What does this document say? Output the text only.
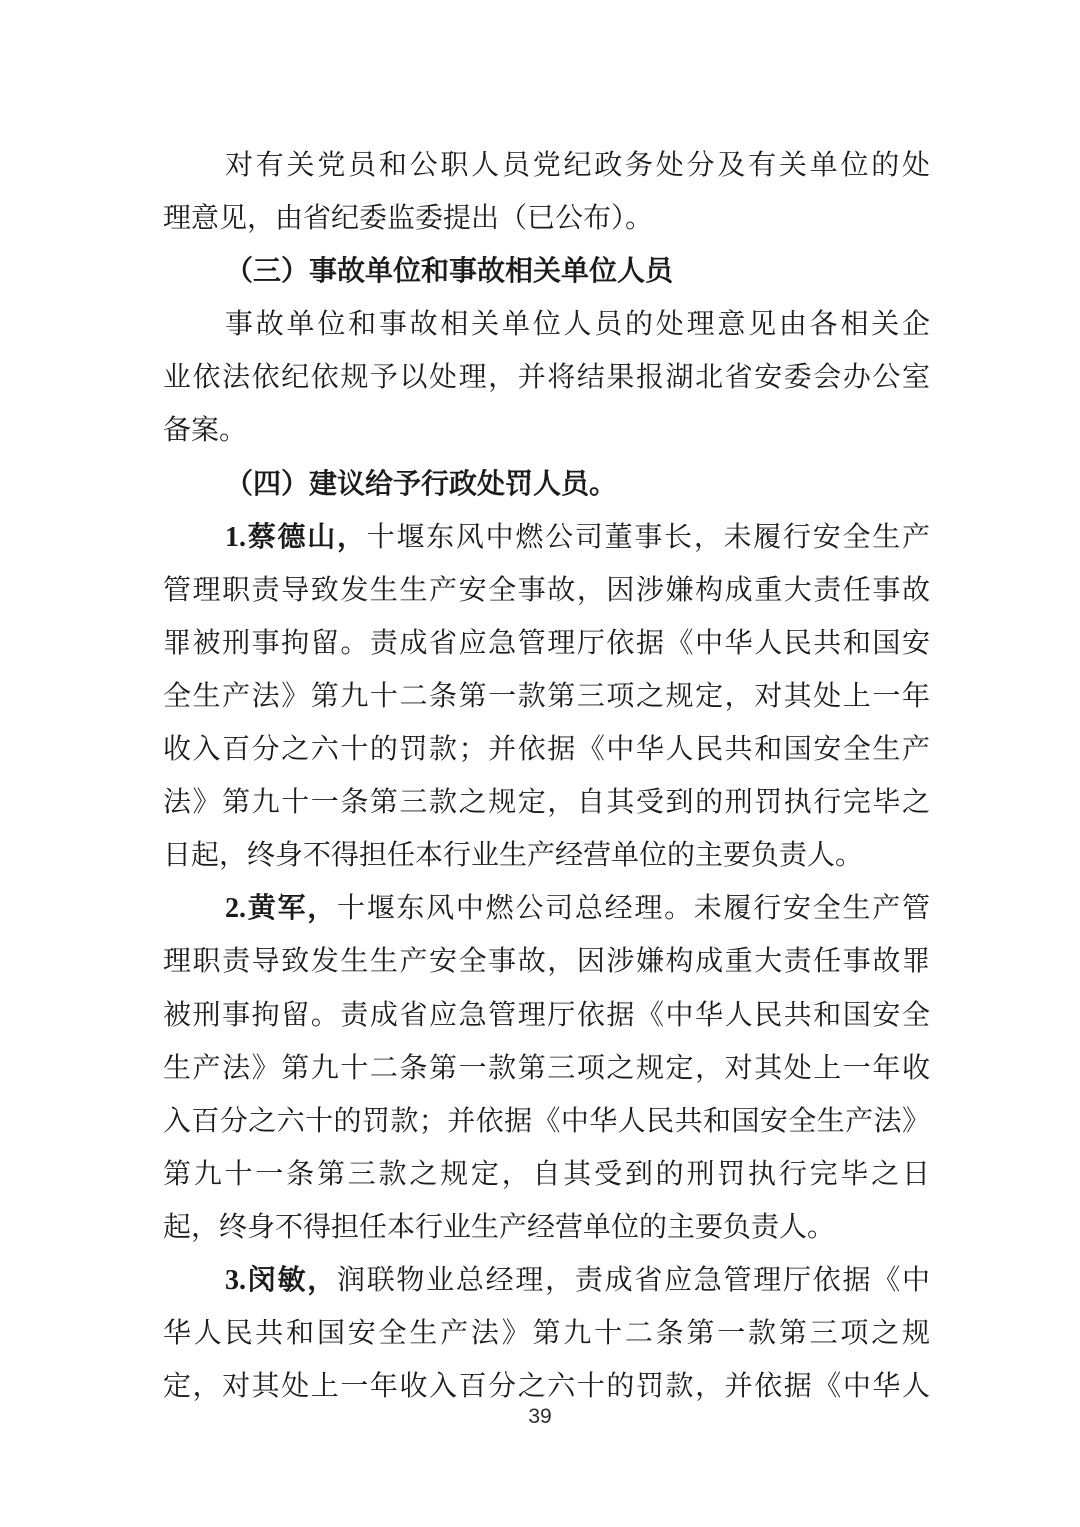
对有关党员和公职人员党纪政务处分及有关单位的处
理意见，由省纪委监委提出（已公布）。
（三）事故单位和事故相关单位人员
事故单位和事故相关单位人员的处理意见由各相关企
业依法依纪依规予以处理，并将结果报湖北省安委会办公室
备案。
（四）建议给予行政处罚人员。
1.蔡德山，十堰东风中燃公司董事长，未履行安全生产
管理职责导致发生生产安全事故，因涉嫌构成重大责任事故
罪被刑事拘留。责成省应急管理厅依据《中华人民共和国安
全生产法》第九十二条第一款第三项之规定，对其处上一年
收入百分之六十的罚款；并依据《中华人民共和国安全生产
法》第九十一条第三款之规定，自其受到的刑罚执行完毕之
日起，终身不得担任本行业生产经营单位的主要负责人。
2.黄军，十堰东风中燃公司总经理。未履行安全生产管
理职责导致发生生产安全事故，因涉嫌构成重大责任事故罪
被刑事拘留。责成省应急管理厅依据《中华人民共和国安全
生产法》第九十二条第一款第三项之规定，对其处上一年收
入百分之六十的罚款；并依据《中华人民共和国安全生产法》
第九十一条第三款之规定，自其受到的刑罚执行完毕之日
起，终身不得担任本行业生产经营单位的主要负责人。
3.闵敏，润联物业总经理，责成省应急管理厅依据《中
华人民共和国安全生产法》第九十二条第一款第三项之规
定，对其处上一年收入百分之六十的罚款，并依据《中华人
39
